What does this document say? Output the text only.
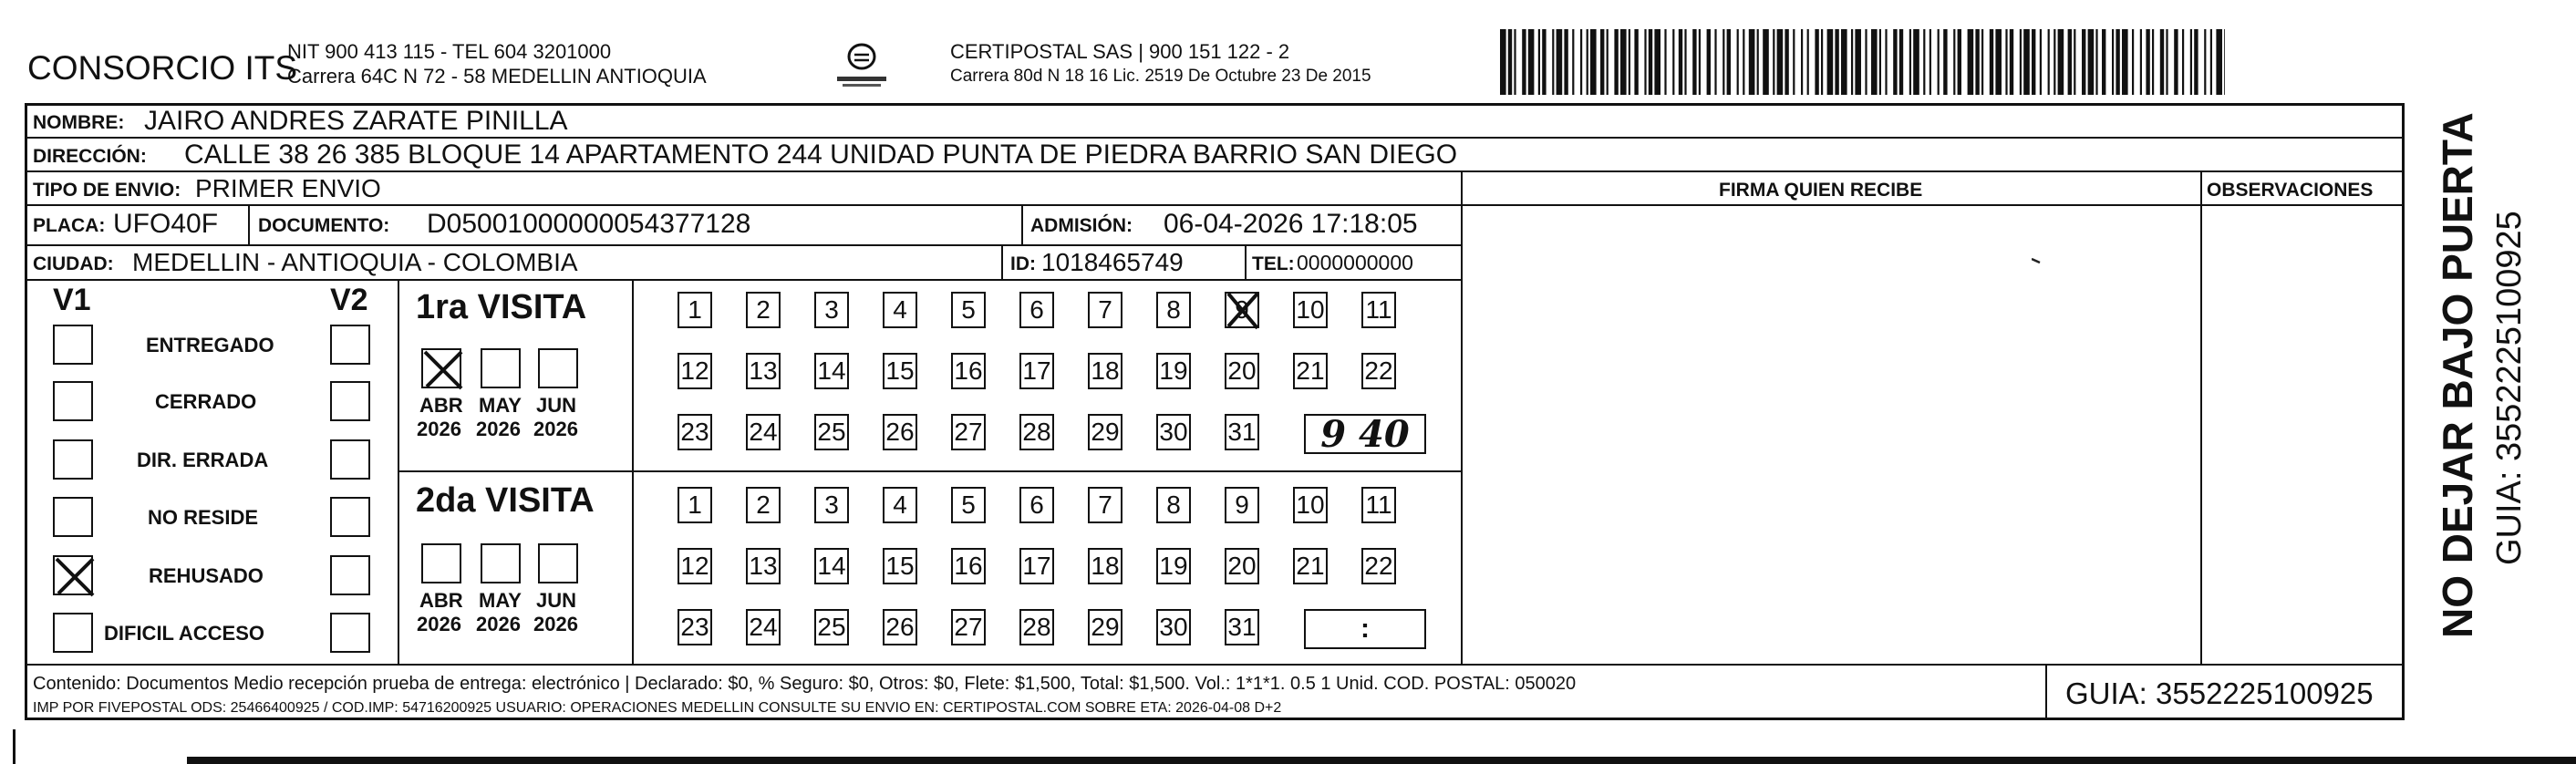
CONSORCIO ITS
NIT 900 413 115 - TEL 604 3201000
Carrera 64C N 72 - 58 MEDELLIN ANTIOQUIA
CERTIPOSTAL SAS | 900 151 122 - 2
Carrera 80d N 18 16 Lic. 2519 De Octubre 23 De 2015
NOMBRE: JAIRO ANDRES ZARATE PINILLA
DIRECCIÓN: CALLE 38 26 385 BLOQUE 14 APARTAMENTO 244 UNIDAD PUNTA DE PIEDRA BARRIO SAN DIEGO
TIPO DE ENVIO: PRIMER ENVIO	FIRMA QUIEN RECIBE	OBSERVACIONES
PLACA: UFO40F DOCUMENTO: D05001000000054377128	ADMISIÓN: 06-04-2026 17:18:05
CIUDAD: MEDELLIN - ANTIOQUIA - COLOMBIA	ID: 1018465749	TEL: 0000000000
V1	V2
ENTREGADO
CERRADO
DIR. ERRADA
NO RESIDE
REHUSADO
DIFICIL ACCESO
1ra VISITA
ABR
2026
MAY
2026
JUN
2026
1 2 3 4 5 6 7 8 9 10 11
12 13 14 15 16 17 18 19 20 21 22
23 24 25 26 27 28 29 30 31	9 40
2da VISITA
ABR
2026
MAY
2026
JUN
2026
1 2 3 4 5 6 7 8 9 10 11
12 13 14 15 16 17 18 19 20 21 22
23 24 25 26 27 28 29 30 31	:
Contenido: Documentos Medio recepción prueba de entrega: electrónico | Declarado: $0, % Seguro: $0, Otros: $0, Flete: $1,500, Total: $1,500. Vol.: 1*1*1. 0.5 1 Unid. COD. POSTAL: 050020
IMP POR FIVEPOSTAL ODS: 25466400925 / COD.IMP: 54716200925 USUARIO: OPERACIONES MEDELLIN CONSULTE SU ENVIO EN: CERTIPOSTAL.COM SOBRE ETA: 2026-04-08 D+2	GUIA: 3552225100925
NO DEJAR BAJO PUERTA GUIA: 3552225100925
